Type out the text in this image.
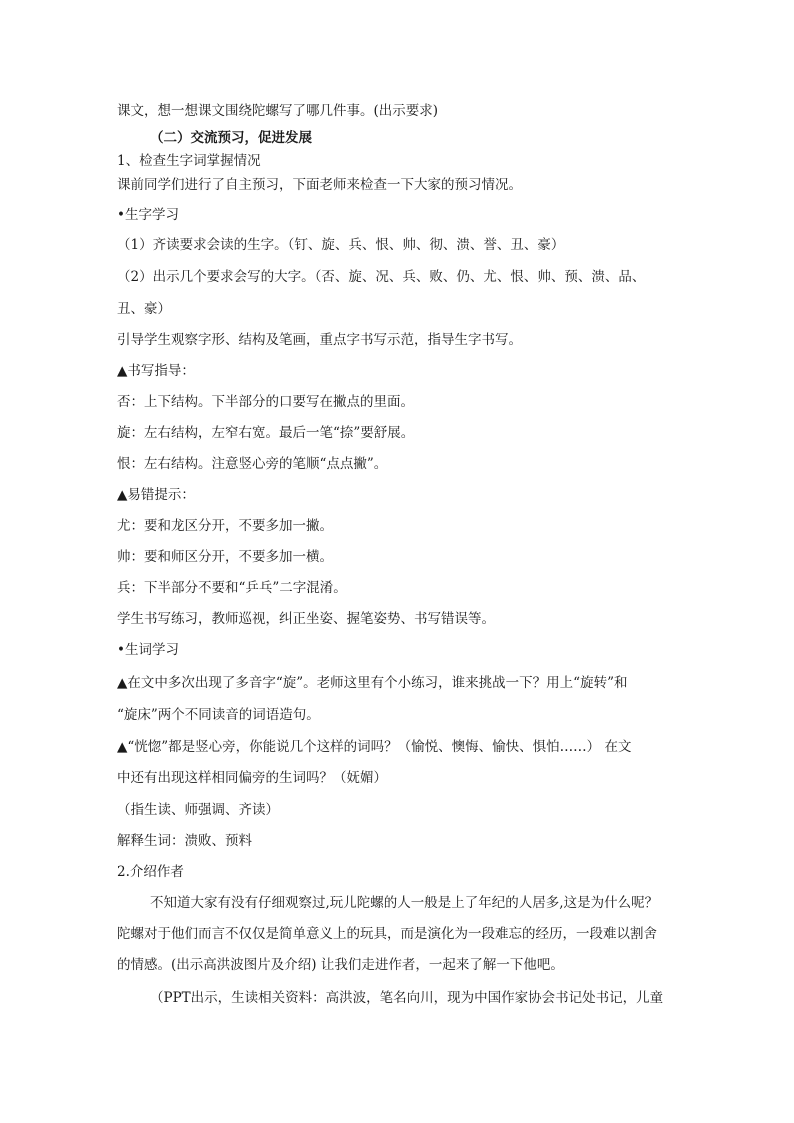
课文，想一想课文围绕陀螺写了哪几件事。(出示要求)
（二）交流预习，促进发展
1、检查生字词掌握情况
课前同学们进行了自主预习，下面老师来检查一下大家的预习情况。
•生字学习
（1）齐读要求会读的生字。（钉、旋、兵、恨、帅、彻、溃、誉、丑、豪）
（2）出示几个要求会写的大字。（否、旋、况、兵、败、仍、尤、恨、帅、预、溃、品、
丑、豪）
引导学生观察字形、结构及笔画，重点字书写示范，指导生字书写。
▲书写指导：
否：上下结构。下半部分的口要写在撇点的里面。
旋：左右结构，左窄右宽。最后一笔“捺”要舒展。
恨：左右结构。注意竖心旁的笔顺“点点撇”。
▲易错提示：
尤：要和龙区分开，不要多加一撇。
帅：要和师区分开，不要多加一横。
兵：下半部分不要和“乒乓”二字混淆。
学生书写练习，教师巡视，纠正坐姿、握笔姿势、书写错误等。
•生词学习
▲在文中多次出现了多音字“旋”。老师这里有个小练习，谁来挑战一下？用上“旋转”和
“旋床”两个不同读音的词语造句。
▲“恍惚”都是竖心旁，你能说几个这样的词吗？（愉悦、懊悔、愉快、惧怕……） 在文
中还有出现这样相同偏旁的生词吗？（妩媚）
（指生读、师强调、齐读）
解释生词：溃败、预料
2.介绍作者
不知道大家有没有仔细观察过,玩儿陀螺的人一般是上了年纪的人居多,这是为什么呢？
陀螺对于他们而言不仅仅是简单意义上的玩具，而是演化为一段难忘的经历，一段难以割舍
的情感。(出示高洪波图片及介绍) 让我们走进作者，一起来了解一下他吧。
（PPT出示，生读相关资料：高洪波，笔名向川，现为中国作家协会书记处书记，儿童
